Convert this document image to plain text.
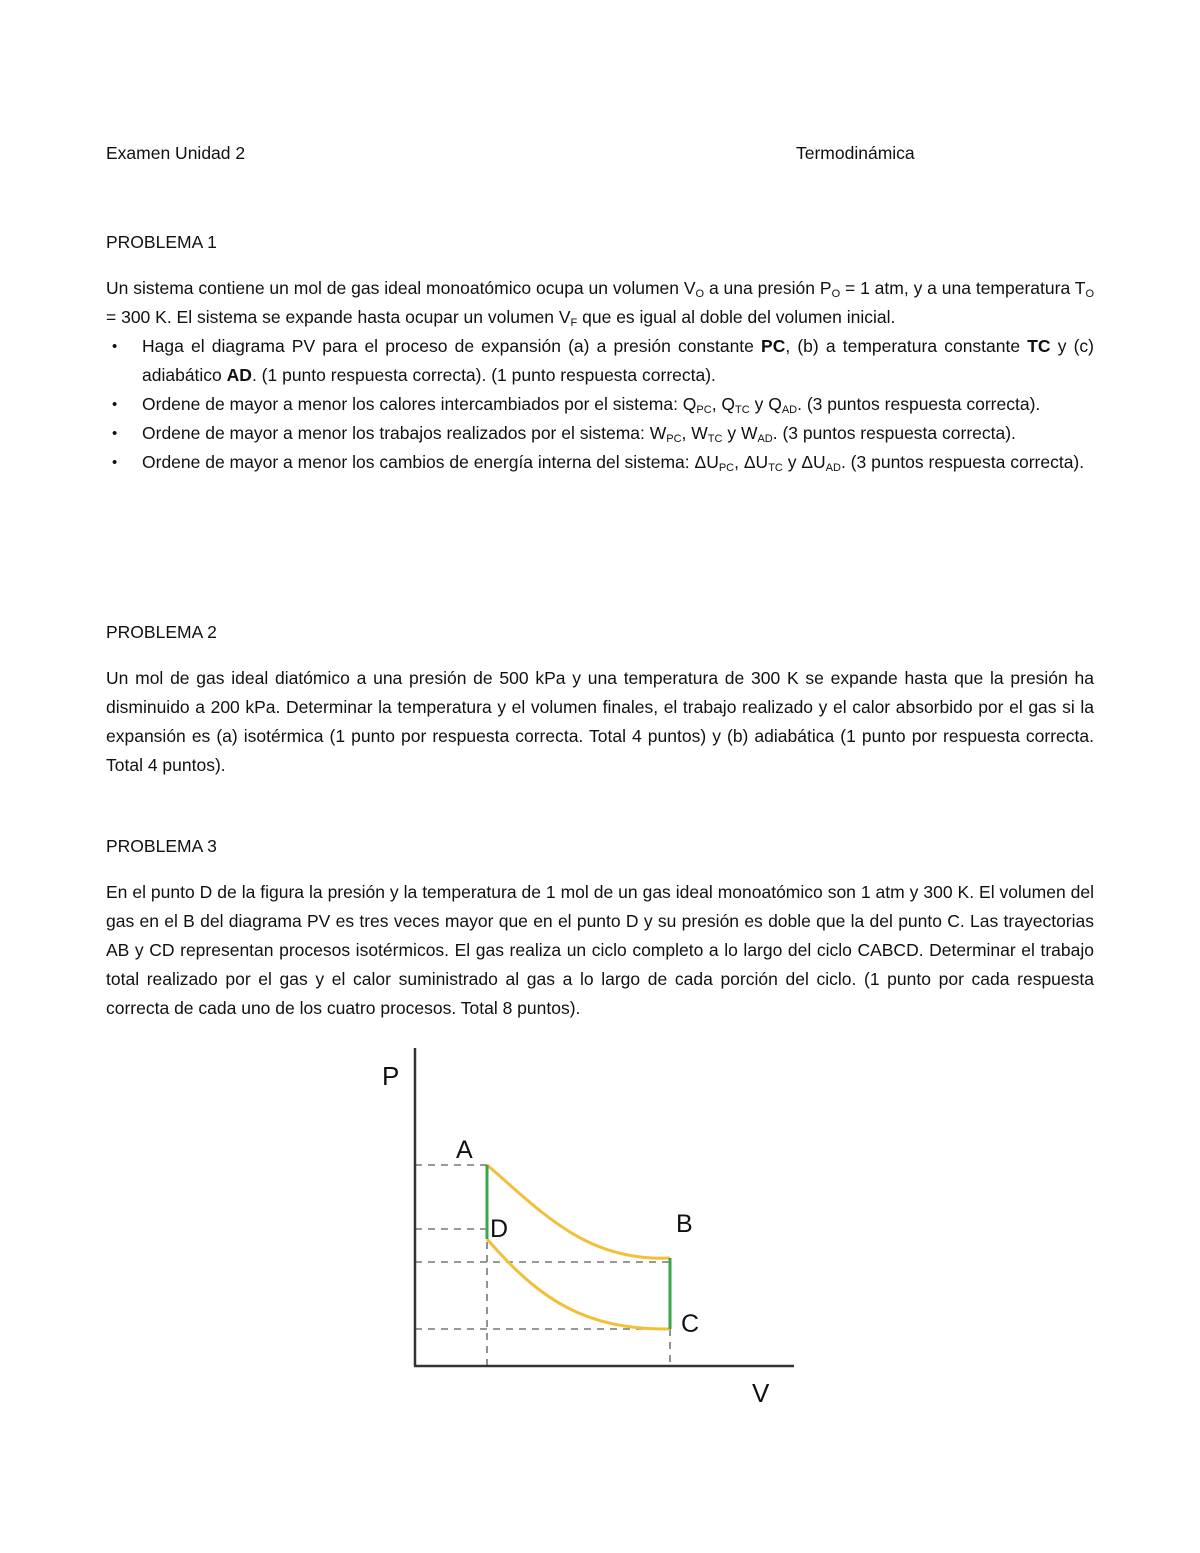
Examen Unidad 2	Termodinámica
PROBLEMA 1
Un sistema contiene un mol de gas ideal monoatómico ocupa un volumen $V_O$ a una presión $P_O = 1$ atm, y a una temperatura $T_O = 300$ K. El sistema se expande hasta ocupar un volumen $V_F$ que es igual al doble del volumen inicial.
• Haga el diagrama PV para el proceso de expansión (a) a presión constante PC, (b) a temperatura constante TC y (c) adiabático AD. (1 punto respuesta correcta). (1 punto respuesta correcta).
• Ordene de mayor a menor los calores intercambiados por el sistema: $Q_{PC}$, $Q_{TC}$ y $Q_{AD}$. (3 puntos respuesta correcta).
• Ordene de mayor a menor los trabajos realizados por el sistema: $W_{PC}$, $W_{TC}$ y $W_{AD}$. (3 puntos respuesta correcta).
• Ordene de mayor a menor los cambios de energía interna del sistema: $\Delta U_{PC}$, $\Delta U_{TC}$ y $\Delta U_{AD}$. (3 puntos respuesta correcta).
PROBLEMA 2
Un mol de gas ideal diatómico a una presión de 500 kPa y una temperatura de 300 K se expande hasta que la presión ha disminuido a 200 kPa. Determinar la temperatura y el volumen finales, el trabajo realizado y el calor absorbido por el gas si la expansión es (a) isotérmica (1 punto por respuesta correcta. Total 4 puntos) y (b) adiabática (1 punto por respuesta correcta. Total 4 puntos).
PROBLEMA 3
En el punto D de la figura la presión y la temperatura de 1 mol de un gas ideal monoatómico son 1 atm y 300 K. El volumen del gas en el B del diagrama PV es tres veces mayor que en el punto D y su presión es doble que la del punto C. Las trayectorias AB y CD representan procesos isotérmicos. El gas realiza un ciclo completo a lo largo del ciclo CABCD. Determinar el trabajo total realizado por el gas y el calor suministrado al gas a lo largo de cada porción del ciclo. (1 punto por cada respuesta correcta de cada uno de los cuatro procesos. Total 8 puntos).
P
V
A
B
C
D
